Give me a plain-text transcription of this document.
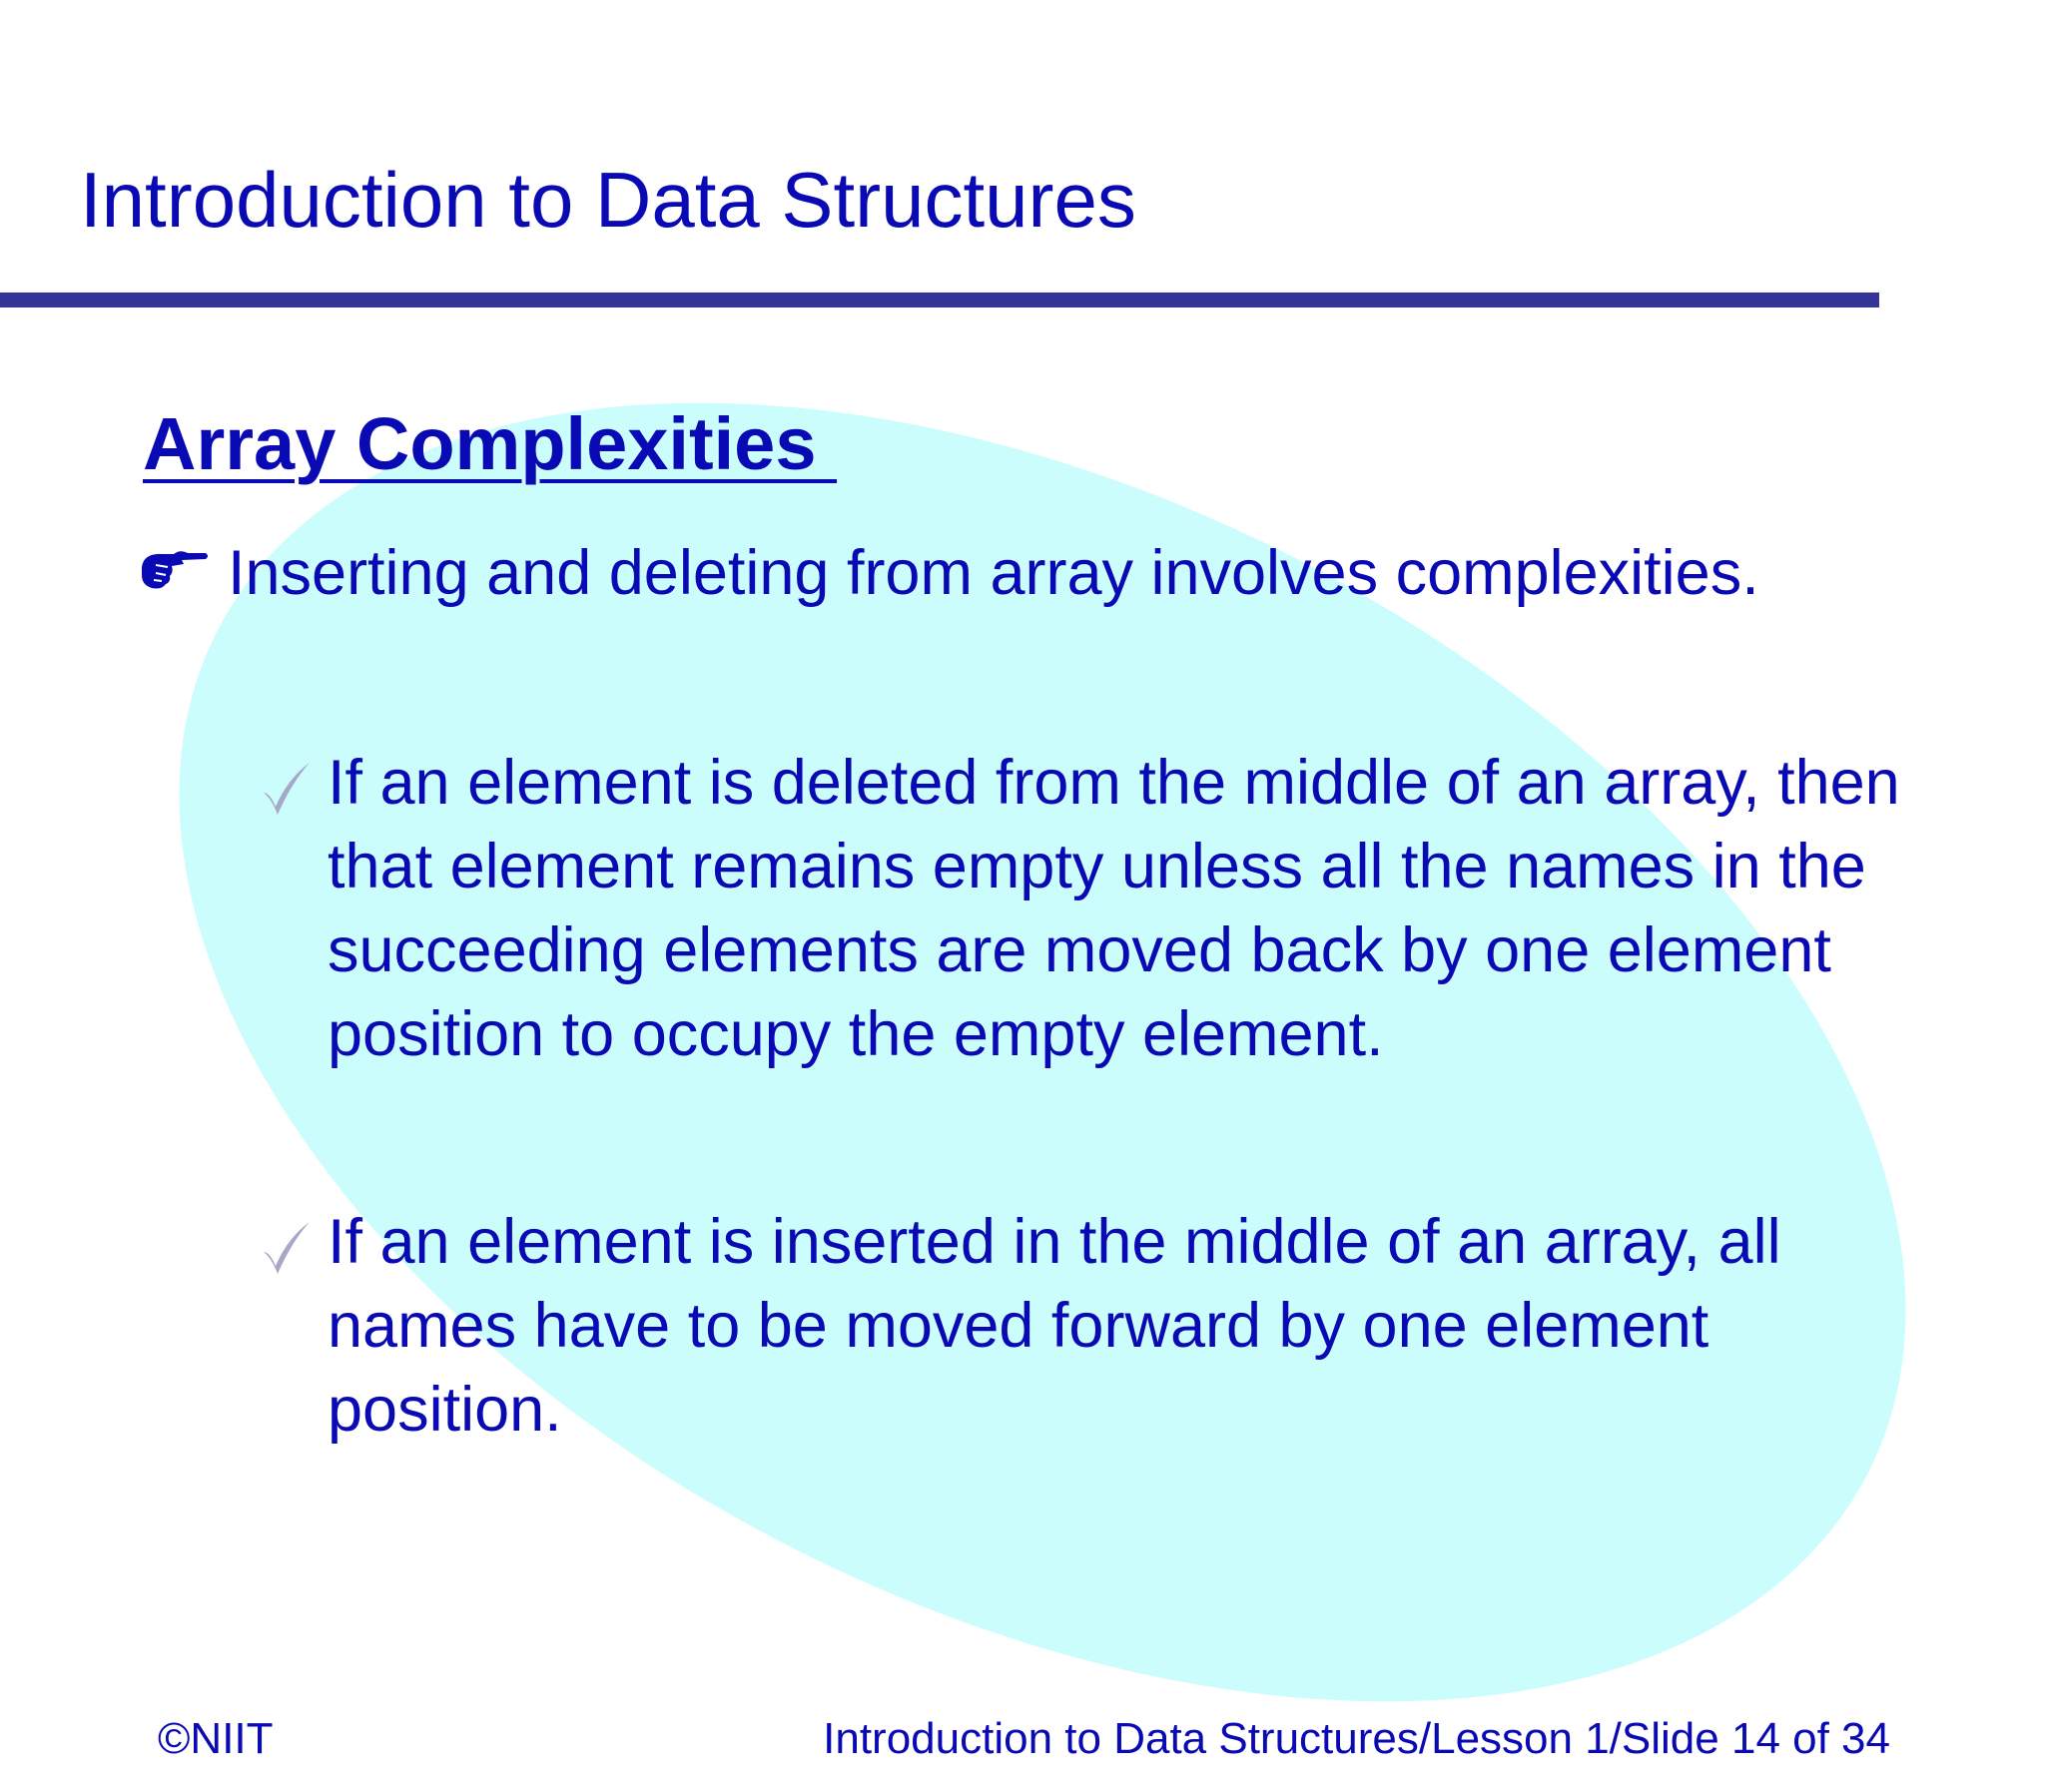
Introduction to Data Structures
Array Complexities
Inserting and deleting from array involves complexities.
If an element is deleted from the middle of an array, then that element remains empty unless all the names in the succeeding elements are moved back by one element position to occupy the empty element.
If an element is inserted in the middle of an array, all names have to be moved forward by one element position.
©NIIT	Introduction to Data Structures/Lesson 1/Slide 14 of 34
